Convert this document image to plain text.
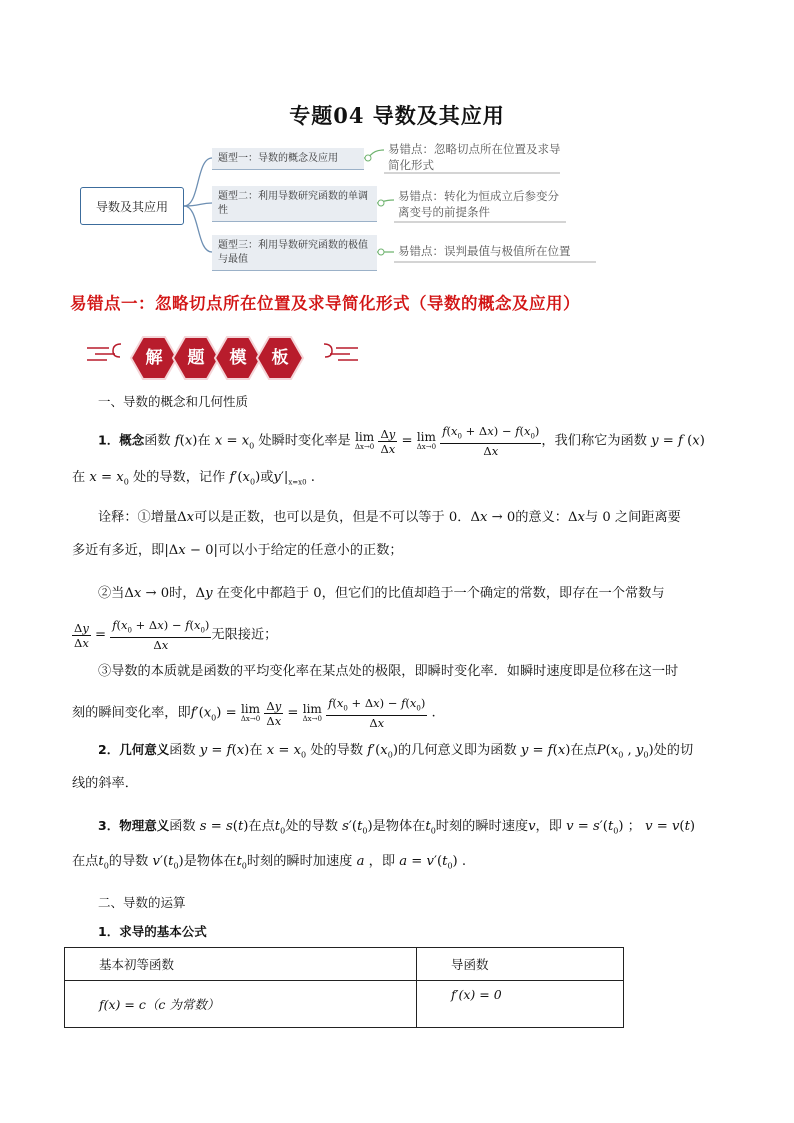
专题04 导数及其应用
导数及其应用
题型一：导数的概念及应用
题型二：利用导数研究函数的单调性
题型三：利用导数研究函数的极值与最值
易错点：忽略切点所在位置及求导简化形式
易错点：转化为恒成立后参变分离变号的前提条件
易错点：误判最值与极值所在位置
易错点一：忽略切点所在位置及求导简化形式（导数的概念及应用）
解	题	模	板
一、导数的概念和几何性质
1．概念函数 f(x)在 $x = x_0$ 处瞬时变化率是 lim
Δx→0
$\frac{\Delta y}{\Delta x} = \lim$
Δx→0
$\frac{f(x_0 + \Delta x) - f(x_0)}{\Delta x}$ ，我们称它为函数 y = f (x)
在 $x = x_0$ 处的导数，记作 $f'(x_0)$或$y'|_{x=x0}$ .
诠释：①增量Δx可以是正数，也可以是负，但是不可以等于 0．Δx → 0的意义：Δx与 0 之间距离要
多近有多近，即|Δx − 0|可以小于给定的任意小的正数；
②当Δx → 0时，Δy 在变化中都趋于 0，但它们的比值却趋于一个确定的常数，即存在一个常数与
$\frac{\Delta y}{\Delta x} = \frac{f(x_0 + \Delta x) - f(x_0)}{\Delta x}$ 无限接近；
③导数的本质就是函数的平均变化率在某点处的极限，即瞬时变化率．如瞬时速度即是位移在这一时
刻的瞬间变化率，即$f'(x_0) = \lim$
Δx→0
$\frac{\Delta y}{\Delta x} = \lim$
Δx→0
$\frac{f(x_0 + \Delta x) - f(x_0)}{\Delta x}$ .
2．几何意义函数 y = f(x)在 $x = x_0$ 处的导数 $f'(x_0)$的几何意义即为函数 y = f(x)在点$P(x_0$ , $y_0$)处的切
线的斜率．
3．物理意义函数 s = s(t)在点$t_0$处的导数 $s'(t_0)$是物体在$t_0$时刻的瞬时速度v，即 $v = s'(t_0)$ ； v = v(t)
在点$t_0$的导数 $v'(t_0)$是物体在$t_0$时刻的瞬时加速度 a ，即 $a = v'(t_0)$ .
二、导数的运算
1．求导的基本公式
基本初等函数	导函数
f(x) = c（c 为常数）	f′(x) = 0
